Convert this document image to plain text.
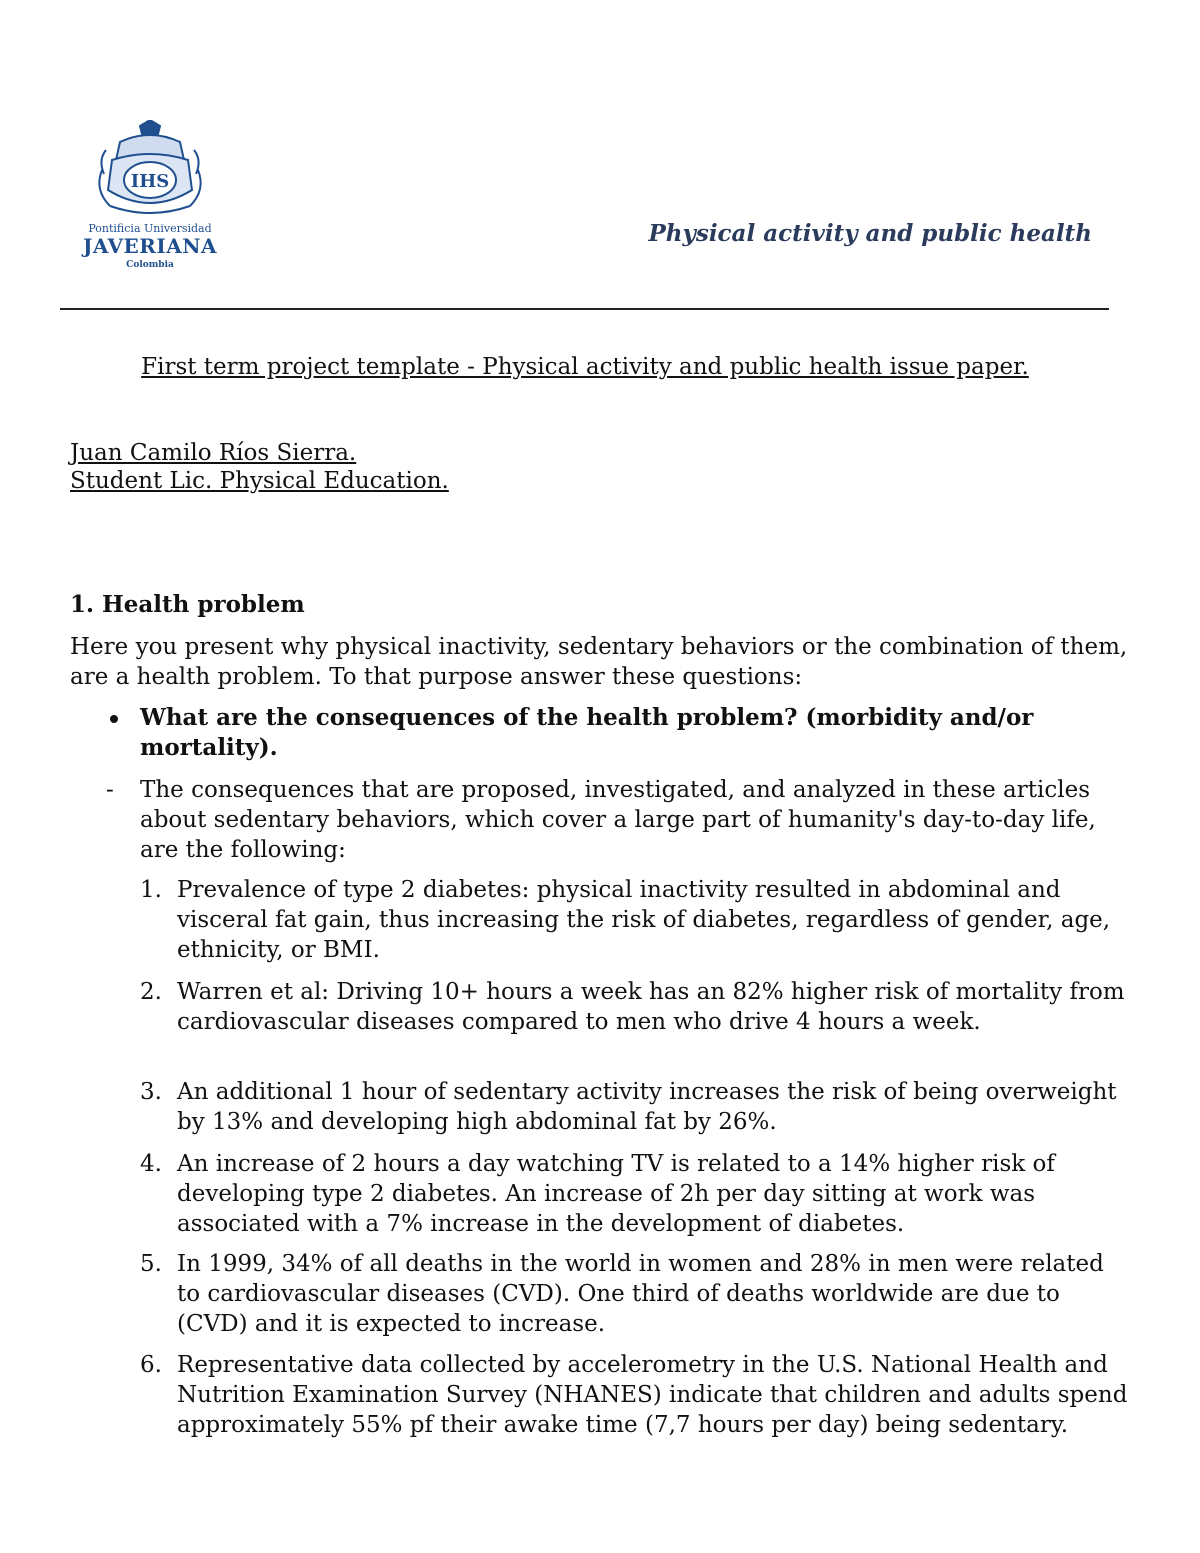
IHS
Pontificia Universidad
JAVERIANA
Colombia
Physical activity and public health
First term project template - Physical activity and public health issue paper.
Juan Camilo Ríos Sierra.
Student Lic. Physical Education.
1. Health problem

Here you present why physical inactivity, sedentary behaviors or the combination of them, are a health problem. To that purpose answer these questions:

What are the consequences of the health problem? (morbidity and/or mortality).

- The consequences that are proposed, investigated, and analyzed in these articles about sedentary behaviors, which cover a large part of humanity's day-to-day life, are the following:

1. Prevalence of type 2 diabetes: physical inactivity resulted in abdominal and visceral fat gain, thus increasing the risk of diabetes, regardless of gender, age, ethnicity, or BMI.

2. Warren et al: Driving 10+ hours a week has an 82% higher risk of mortality from cardiovascular diseases compared to men who drive 4 hours a week.

3. An additional 1 hour of sedentary activity increases the risk of being overweight by 13% and developing high abdominal fat by 26%.

4. An increase of 2 hours a day watching TV is related to a 14% higher risk of developing type 2 diabetes. An increase of 2h per day sitting at work was associated with a 7% increase in the development of diabetes.

5. In 1999, 34% of all deaths in the world in women and 28% in men were related to cardiovascular diseases (CVD). One third of deaths worldwide are due to (CVD) and it is expected to increase.

6. Representative data collected by accelerometry in the U.S. National Health and Nutrition Examination Survey (NHANES) indicate that children and adults spend approximately 55% pf their awake time (7,7 hours per day) being sedentary.
